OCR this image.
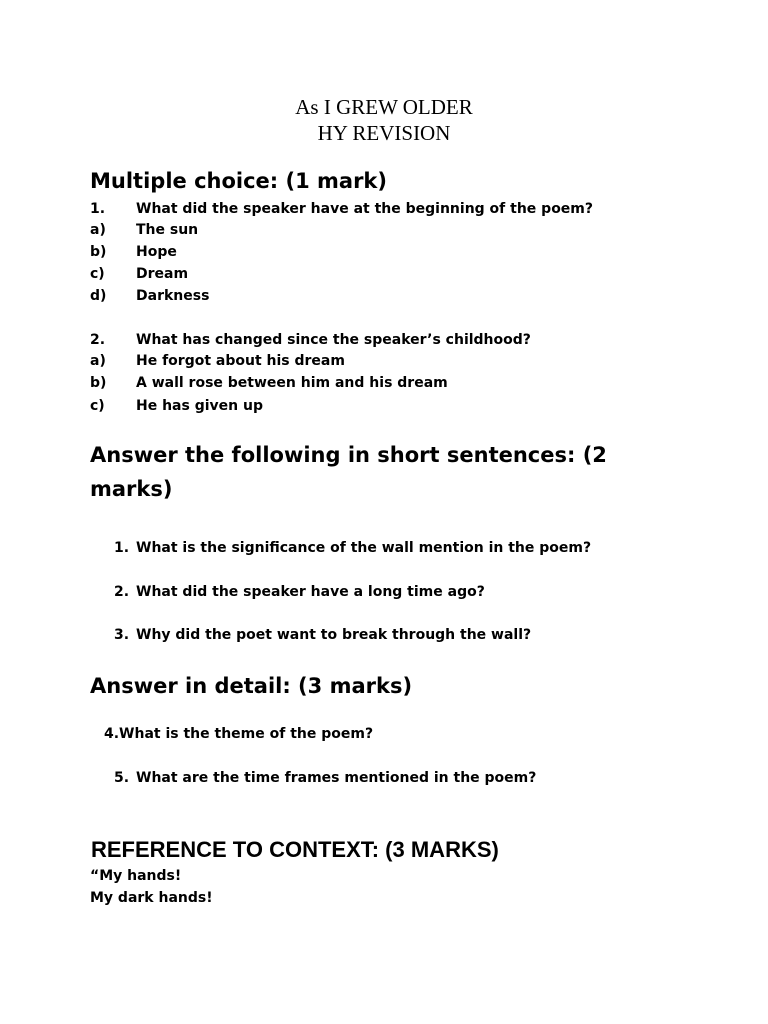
As I GREW OLDER
HY REVISION
Multiple choice: (1 mark)
1. What did the speaker have at the beginning of the poem?
a) The sun
b) Hope
c) Dream
d) Darkness
2. What has changed since the speaker’s childhood?
a) He forgot about his dream
b) A wall rose between him and his dream
c) He has given up
Answer the following in short sentences: (2 marks)
1. What is the significance of the wall mention in the poem?
2. What did the speaker have a long time ago?
3. Why did the poet want to break through the wall?
Answer in detail: (3 marks)
4.What is the theme of the poem?
5. What are the time frames mentioned in the poem?
REFERENCE TO CONTEXT: (3 MARKS)
“My hands!
My dark hands!
